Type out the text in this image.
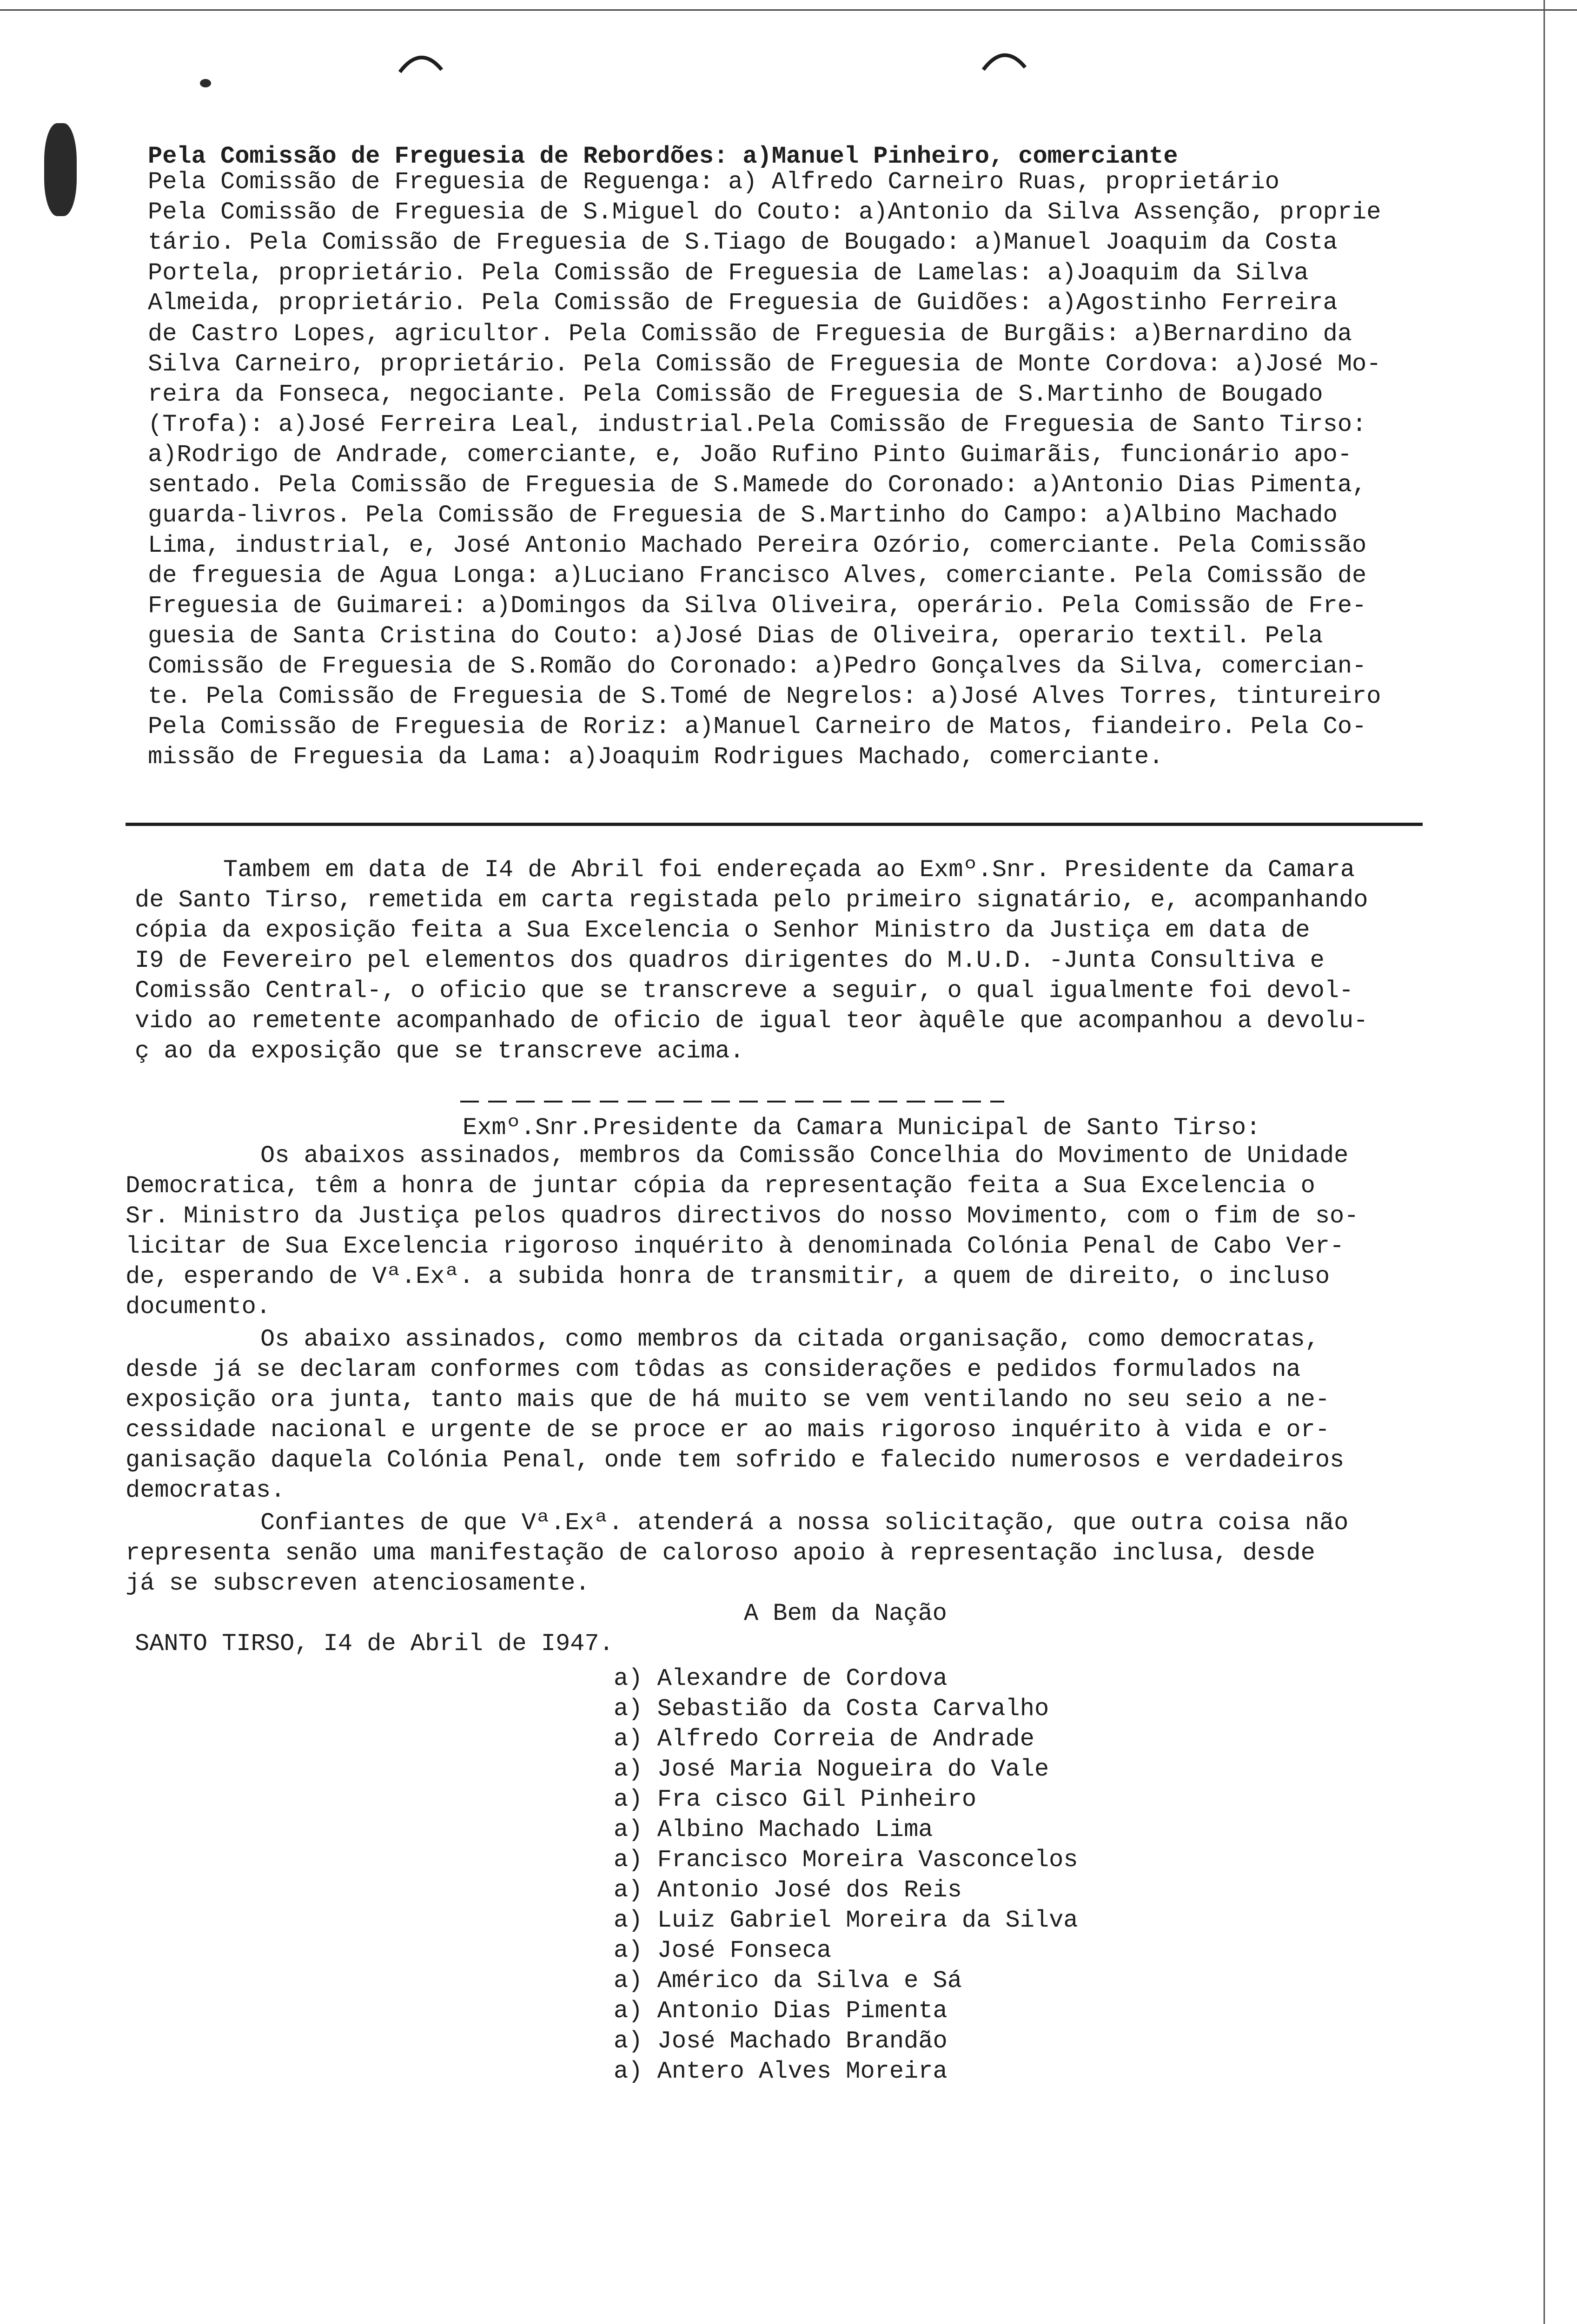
Pela Comissão de Freguesia de Rebordões: a)Manuel Pinheiro, comerciante
Pela Comissão de Freguesia de Reguenga: a) Alfredo Carneiro Ruas, proprietário
Pela Comissão de Freguesia de S.Miguel do Couto: a)Antonio da Silva Assenção, proprie
tário. Pela Comissão de Freguesia de S.Tiago de Bougado: a)Manuel Joaquim da Costa
Portela, proprietário. Pela Comissão de Freguesia de Lamelas: a)Joaquim da Silva
Almeida, proprietário. Pela Comissão de Freguesia de Guidões: a)Agostinho Ferreira
de Castro Lopes, agricultor. Pela Comissão de Freguesia de Burgãis: a)Bernardino da
Silva Carneiro, proprietário. Pela Comissão de Freguesia de Monte Cordova: a)José Mo-
reira da Fonseca, negociante. Pela Comissão de Freguesia de S.Martinho de Bougado
(Trofa): a)José Ferreira Leal, industrial.Pela Comissão de Freguesia de Santo Tirso:
a)Rodrigo de Andrade, comerciante, e, João Rufino Pinto Guimarãis, funcionário apo-
sentado. Pela Comissão de Freguesia de S.Mamede do Coronado: a)Antonio Dias Pimenta,
guarda-livros. Pela Comissão de Freguesia de S.Martinho do Campo: a)Albino Machado
Lima, industrial, e, José Antonio Machado Pereira Ozório, comerciante. Pela Comissão
de freguesia de Agua Longa: a)Luciano Francisco Alves, comerciante. Pela Comissão de
Freguesia de Guimarei: a)Domingos da Silva Oliveira, operário. Pela Comissão de Fre-
guesia de Santa Cristina do Couto: a)José Dias de Oliveira, operario textil. Pela
Comissão de Freguesia de S.Romão do Coronado: a)Pedro Gonçalves da Silva, comercian-
te. Pela Comissão de Freguesia de S.Tomé de Negrelos: a)José Alves Torres, tintureiro
Pela Comissão de Freguesia de Roriz: a)Manuel Carneiro de Matos, fiandeiro. Pela Co-
missão de Freguesia da Lama: a)Joaquim Rodrigues Machado, comerciante.
Tambem em data de I4 de Abril foi endereçada ao Exmº.Snr. Presidente da Camara
de Santo Tirso, remetida em carta registada pelo primeiro signatário, e, acompanhando
cópia da exposição feita a Sua Excelencia o Senhor Ministro da Justiça em data de
I9 de Fevereiro pel elementos dos quadros dirigentes do M.U.D. -Junta Consultiva e
Comissão Central-, o oficio que se transcreve a seguir, o qual igualmente foi devol-
vido ao remetente acompanhado de oficio de igual teor àquêle que acompanhou a devolu-
ç ao da exposição que se transcreve acima.
Exmº.Snr.Presidente da Camara Municipal de Santo Tirso:
Os abaixos assinados, membros da Comissão Concelhia do Movimento de Unidade
Democratica, têm a honra de juntar cópia da representação feita a Sua Excelencia o
Sr. Ministro da Justiça pelos quadros directivos do nosso Movimento, com o fim de so-
licitar de Sua Excelencia rigoroso inquérito à denominada Colónia Penal de Cabo Ver-
de, esperando de Vª.Exª. a subida honra de transmitir, a quem de direito, o incluso
documento.
Os abaixo assinados, como membros da citada organisação, como democratas,
desde já se declaram conformes com tôdas as considerações e pedidos formulados na
exposição ora junta, tanto mais que de há muito se vem ventilando no seu seio a ne-
cessidade nacional e urgente de se proce er ao mais rigoroso inquérito à vida e or-
ganisação daquela Colónia Penal, onde tem sofrido e falecido numerosos e verdadeiros
democratas.
Confiantes de que Vª.Exª. atenderá a nossa solicitação, que outra coisa não
representa senão uma manifestação de caloroso apoio à representação inclusa, desde
já se subscreven atenciosamente.
A Bem da Nação
SANTO TIRSO, I4 de Abril de I947.
a) Alexandre de Cordova
a) Sebastião da Costa Carvalho
a) Alfredo Correia de Andrade
a) José Maria Nogueira do Vale
a) Fra cisco Gil Pinheiro
a) Albino Machado Lima
a) Francisco Moreira Vasconcelos
a) Antonio José dos Reis
a) Luiz Gabriel Moreira da Silva
a) José Fonseca
a) Américo da Silva e Sá
a) Antonio Dias Pimenta
a) José Machado Brandão
a) Antero Alves Moreira
